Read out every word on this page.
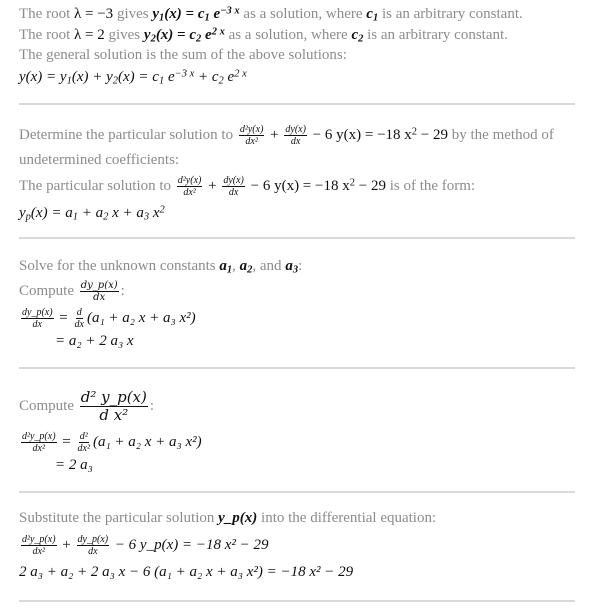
The root λ = −3 gives $y_1(x) = c_1$ $e^{-3 x}$ as a solution, where $c_1$ is an arbitrary constant.
The root λ = 2 gives $y_2(x) = c_2$ $e^{2 x}$ as a solution, where $c_2$ is an arbitrary constant.
The general solution is the sum of the above solutions:
$y(x) = y_1(x) + y_2(x) = c_1$ $e^{-3 x} + c_2$ $e^{2 x}$
Determine the particular solution to $\frac{\text{d²y(x)}}{\text{dx²}} + \frac{dy(x)}{dx} - 6$ y(x) = −18 $x^2 - 29$ by the method of
undetermined coefficients:
The particular solution to $\frac{\text{d²y(x)}}{\text{dx²}} + \frac{dy(x)}{dx} - 6$ y(x) = −18 $x^2 - 29$ is of the form:
$y_p(x) = a_1 + a_2$ $x + a_3$ $x^2$
Solve for the unknown constants $a_1$, $a_2$, and $a_3$:
Compute $\frac{dy\_p(x)}{dx}$ :
$\frac{dy\_p(x)}{dx} = \frac{d}{dx} (a_1 + a_2$ x + a₃ x²)
= a₂ + 2 a₃ x
Compute $\frac{\text{d² y\_p(x)}}{\text{d x²}}$ :
$\frac{\text{d²y\_p(x)}}{\text{dx²}} = \frac{\text{d²}}{\text{dx²}} (a_1 + a_2$ x + a₃ x²)
= 2 a₃
Substitute the particular solution y_p(x) into the differential equation:
$\frac{\text{d²y\_p(x)}}{\text{dx²}} + \frac{dy\_p(x)}{dx} - 6$ y_p(x) = −18 x² − 29
2 a₃ + a₂ + 2 a₃ x − 6 (a₁ + a₂ x + a₃ x²) = −18 x² − 29
